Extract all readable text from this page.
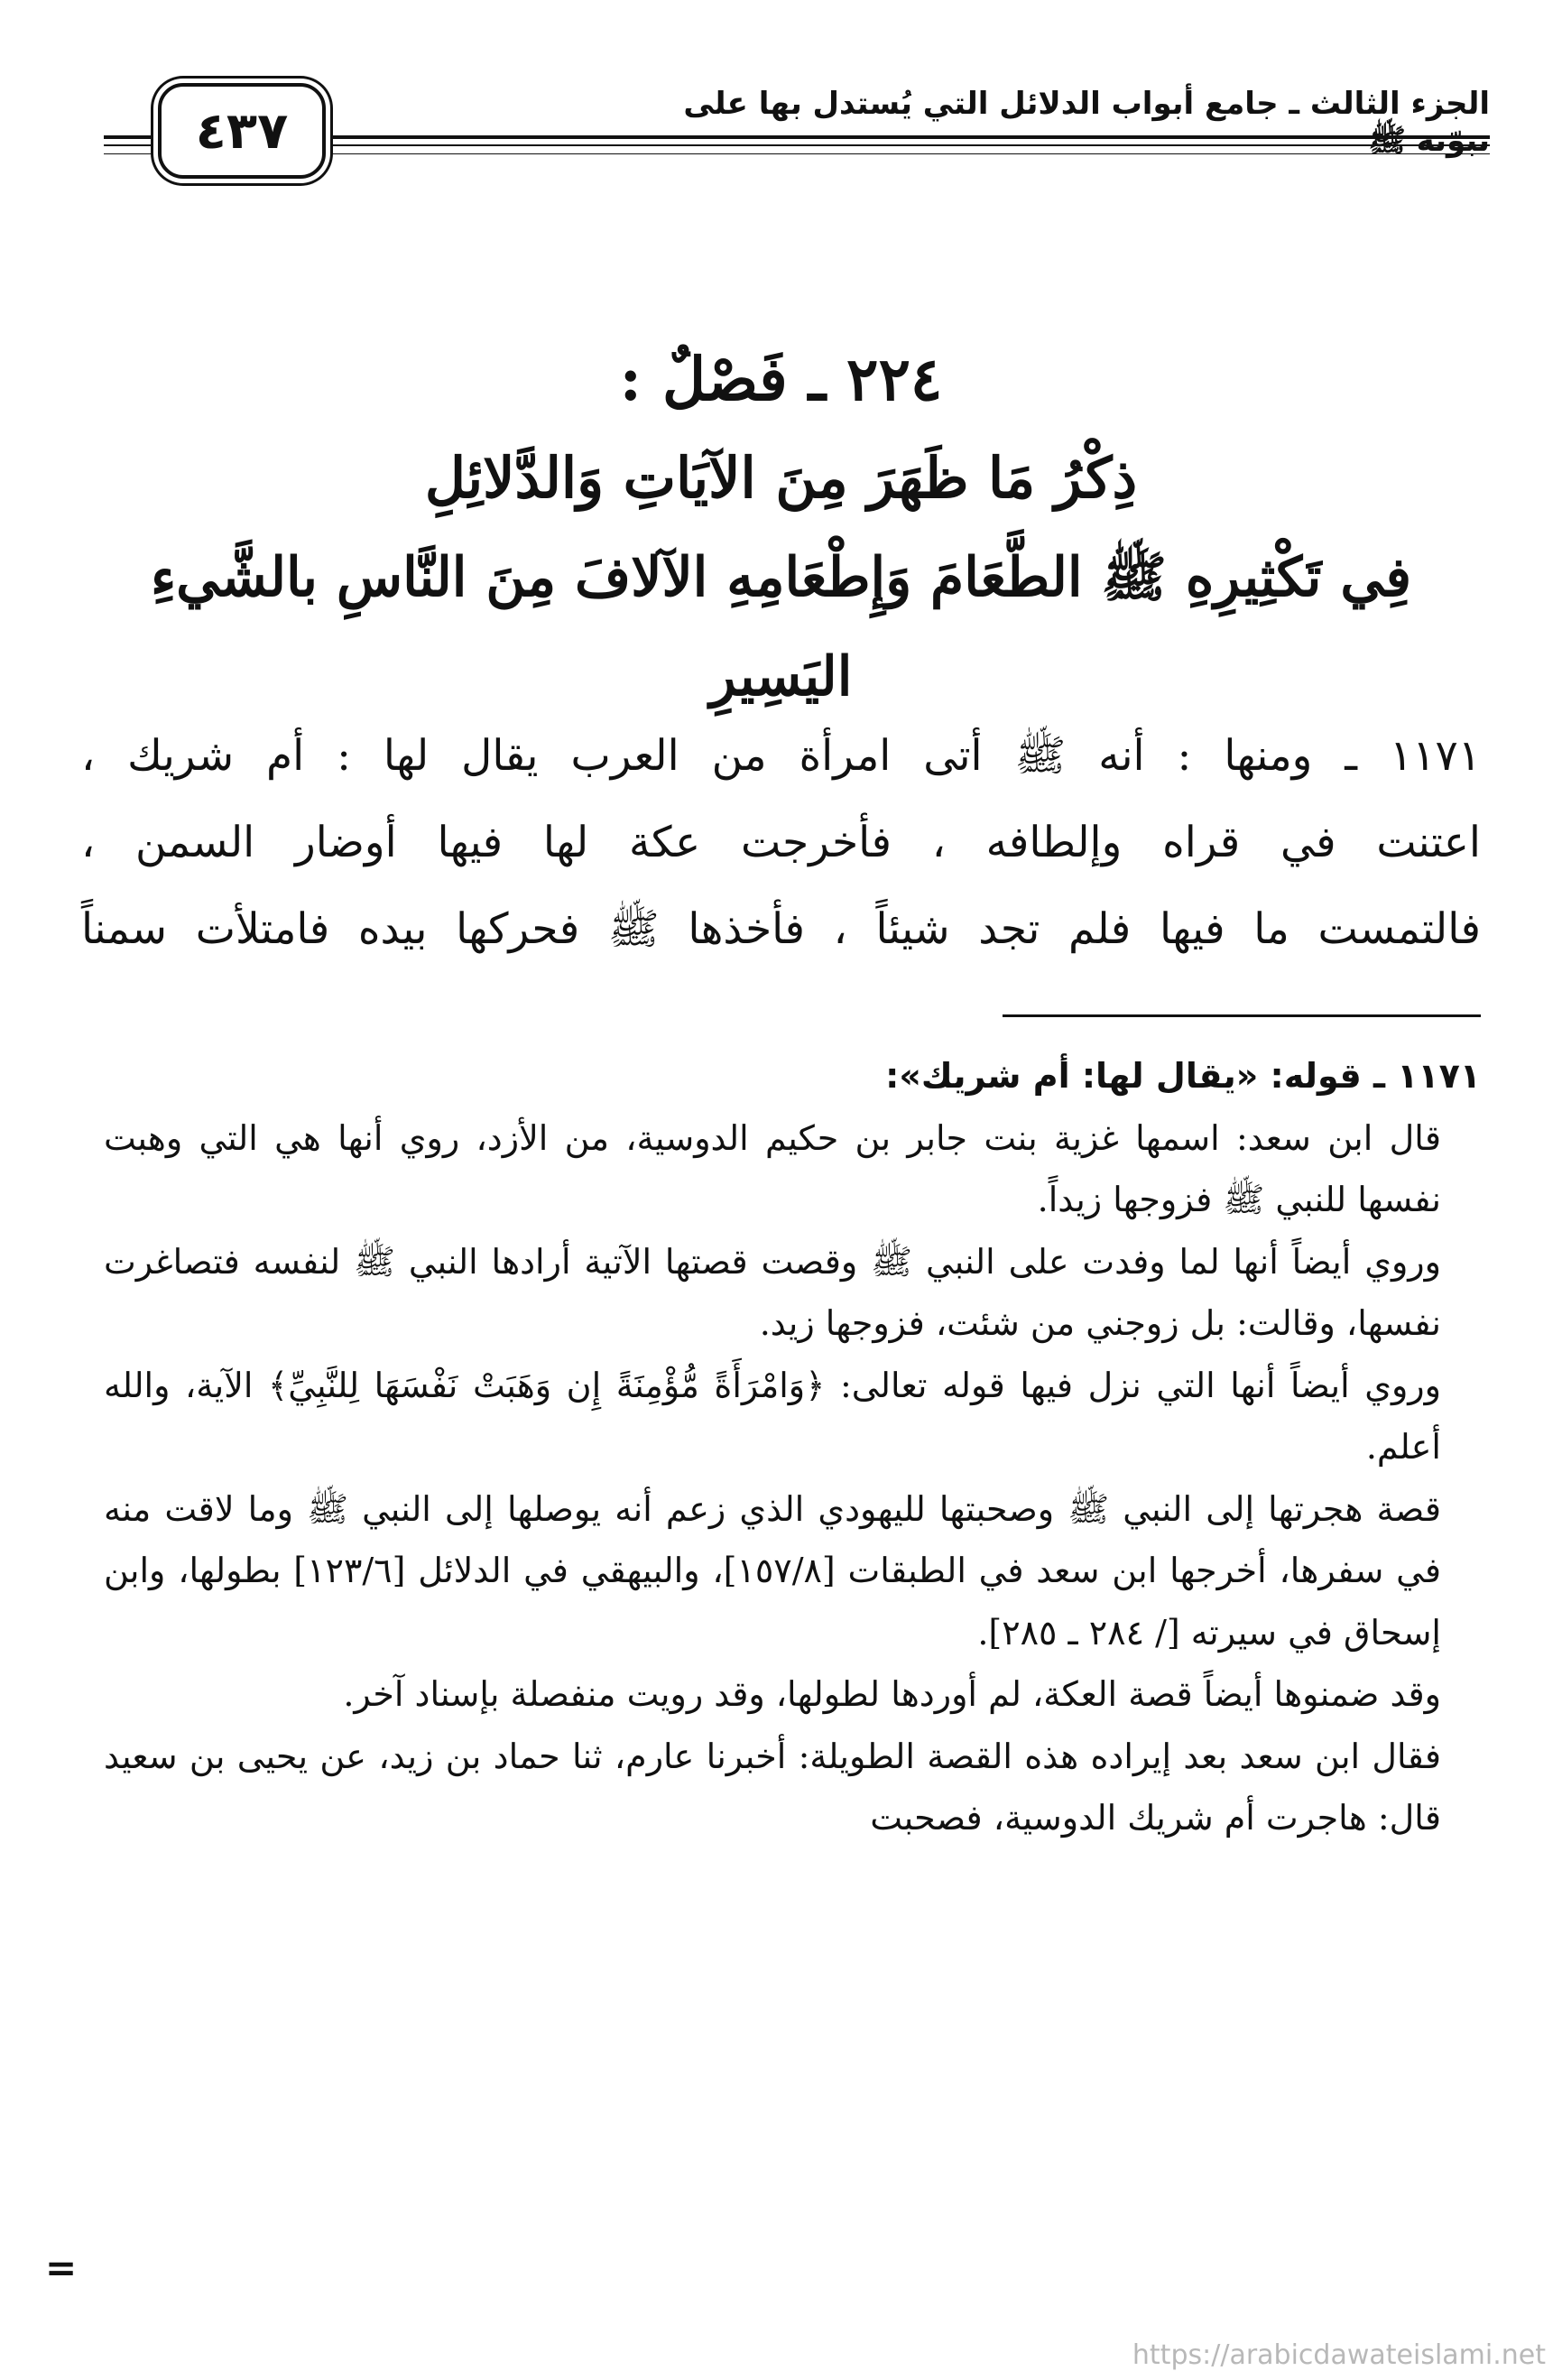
الجزء الثالث ـ جامع أبواب الدلائل التي يُستدل بها على نبوّته ﷺ
٤٣٧
٢٢٤ ـ فَصْلٌ :
ذِكْرُ مَا ظَهَرَ مِنَ الآيَاتِ وَالدَّلائِلِ
فِي تَكْثِيرِهِ ﷺ الطَّعَامَ وَإِطْعَامِهِ الآلافَ مِنَ النَّاسِ بالشَّيءِ اليَسِيرِ

١١٧١ ـ ومنها : أنه ﷺ أتى امرأة من العرب يقال لها : أم شريك ،

اعتنت في قراه وإلطافه ، فأخرجت عكة لها فيها أوضار السمن ،

فالتمست ما فيها فلم تجد شيئاً ، فأخذها ﷺ فحركها بيده فامتلأت سمناً

١١٧١ ـ قوله: «يقال لها: أم شريك»:

قال ابن سعد: اسمها غزية بنت جابر بن حكيم الدوسية، من الأزد، روي أنها هي التي وهبت نفسها للنبي ﷺ فزوجها زيداً.

وروي أيضاً أنها لما وفدت على النبي ﷺ وقصت قصتها الآتية أرادها النبي ﷺ لنفسه فتصاغرت نفسها، وقالت: بل زوجني من شئت، فزوجها زيد.

وروي أيضاً أنها التي نزل فيها قوله تعالى: ﴿وَامْرَأَةً مُّؤْمِنَةً إِن وَهَبَتْ نَفْسَهَا لِلنَّبِيِّ﴾ الآية، والله أعلم.

قصة هجرتها إلى النبي ﷺ وصحبتها لليهودي الذي زعم أنه يوصلها إلى النبي ﷺ وما لاقت منه في سفرها، أخرجها ابن سعد في الطبقات [١٥٧/٨]، والبيهقي في الدلائل [١٢٣/٦] بطولها، وابن إسحاق في سيرته [/ ٢٨٤ ـ ٢٨٥].

وقد ضمنوها أيضاً قصة العكة، لم أوردها لطولها، وقد رويت منفصلة بإسناد آخر.

فقال ابن سعد بعد إيراده هذه القصة الطويلة: أخبرنا عارم، ثنا حماد بن زيد، عن يحيى بن سعيد قال: هاجرت أم شريك الدوسية، فصحبت

=
https://arabicdawateislami.net
